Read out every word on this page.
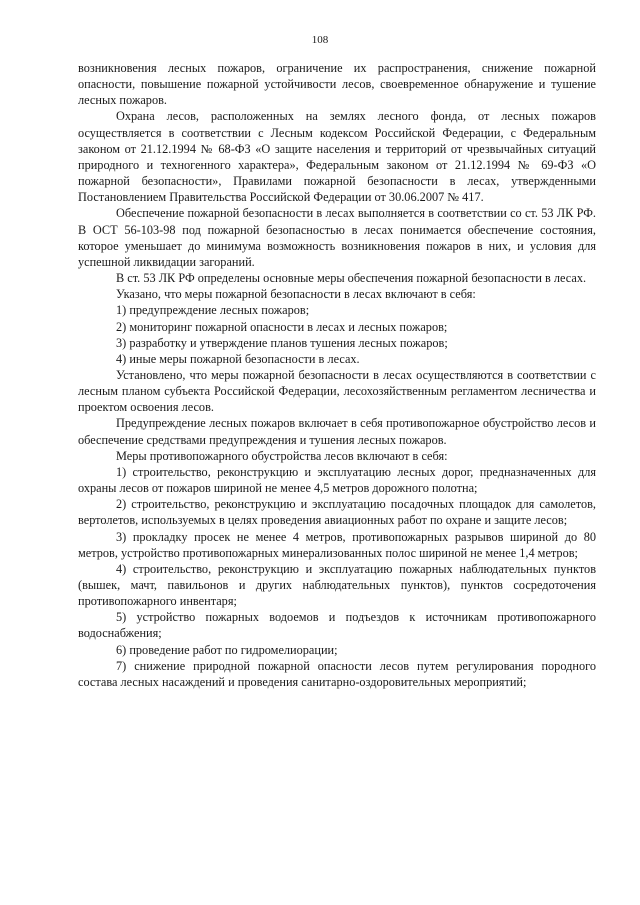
108

возникновения лесных пожаров, ограничение их распространения, снижение пожарной опасности, повышение пожарной устойчивости лесов, своевременное обнаружение и тушение лесных пожаров.

Охрана лесов, расположенных на землях лесного фонда, от лесных пожаров осуществляется в соответствии с Лесным кодексом Российской Федерации, с Федеральным законом от 21.12.1994 № 68-ФЗ «О защите населения и территорий от чрезвычайных ситуаций природного и техногенного характера», Федеральным законом от 21.12.1994 № 69-ФЗ «О пожарной безопасности», Правилами пожарной безопасности в лесах, утвержденными Постановлением Правительства Российской Федерации от 30.06.2007 № 417.

Обеспечение пожарной безопасности в лесах выполняется в соответствии со ст. 53 ЛК РФ. В ОСТ 56-103-98 под пожарной безопасностью в лесах понимается обеспечение состояния, которое уменьшает до минимума возможность возникновения пожаров в них, и условия для успешной ликвидации загораний.

В ст. 53 ЛК РФ определены основные меры обеспечения пожарной безопасности в лесах.

Указано, что меры пожарной безопасности в лесах включают в себя:

1) предупреждение лесных пожаров;

2) мониторинг пожарной опасности в лесах и лесных пожаров;

3) разработку и утверждение планов тушения лесных пожаров;

4) иные меры пожарной безопасности в лесах.

Установлено, что меры пожарной безопасности в лесах осуществляются в соответствии с лесным планом субъекта Российской Федерации, лесохозяйственным регламентом лесничества и проектом освоения лесов.

Предупреждение лесных пожаров включает в себя противопожарное обустройство лесов и обеспечение средствами предупреждения и тушения лесных пожаров.

Меры противопожарного обустройства лесов включают в себя:

1) строительство, реконструкцию и эксплуатацию лесных дорог, предназначенных для охраны лесов от пожаров шириной не менее 4,5 метров дорожного полотна;

2) строительство, реконструкцию и эксплуатацию посадочных площадок для самолетов, вертолетов, используемых в целях проведения авиационных работ по охране и защите лесов;

3) прокладку просек не менее 4 метров, противопожарных разрывов шириной до 80 метров, устройство противопожарных минерализованных полос шириной не менее 1,4 метров;

4) строительство, реконструкцию и эксплуатацию пожарных наблюдательных пунктов (вышек, мачт, павильонов и других наблюдательных пунктов), пунктов сосредоточения противопожарного инвентаря;

5) устройство пожарных водоемов и подъездов к источникам противопожарного водоснабжения;

6) проведение работ по гидромелиорации;

7) снижение природной пожарной опасности лесов путем регулирования породного состава лесных насаждений и проведения санитарно-оздоровительных мероприятий;
